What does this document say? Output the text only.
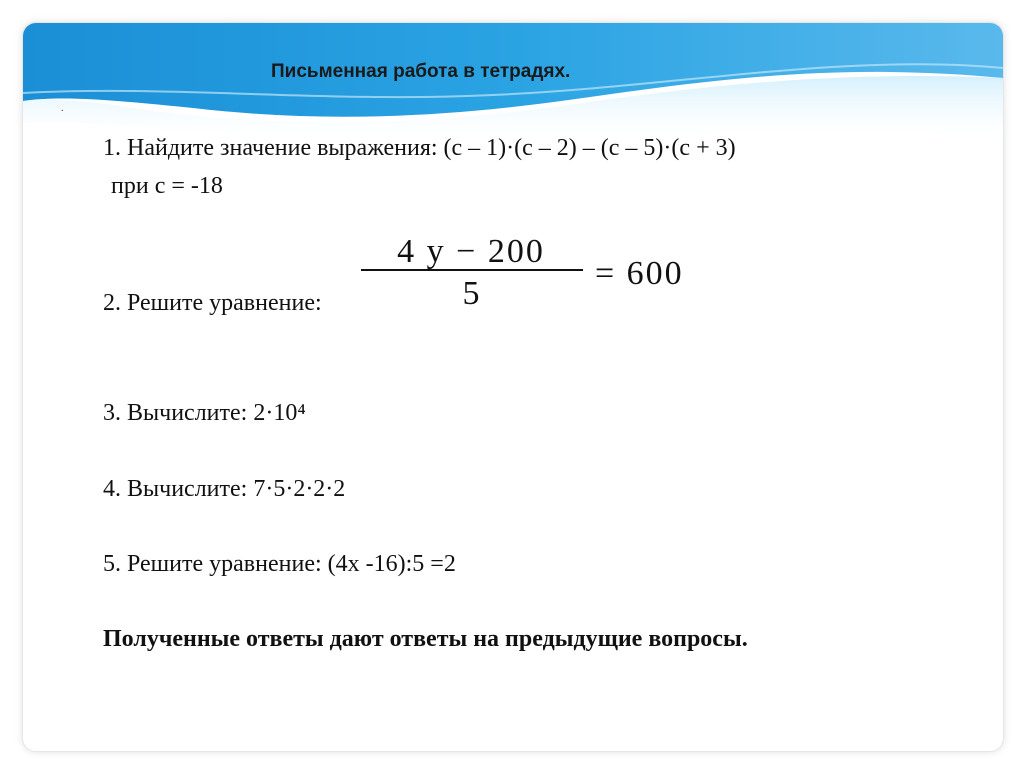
Письменная работа в тетрадях.
.
1. Найдите значение выражения: (с – 1)·(с – 2) – (с – 5)·(с + 3)
при с = -18
4 y − 200
5
= 600
2. Решите уравнение:
3. Вычислите: 2·10⁴
4. Вычислите: 7·5·2·2·2
5. Решите уравнение: (4х -16):5 =2
Полученные ответы дают ответы на предыдущие вопросы.
